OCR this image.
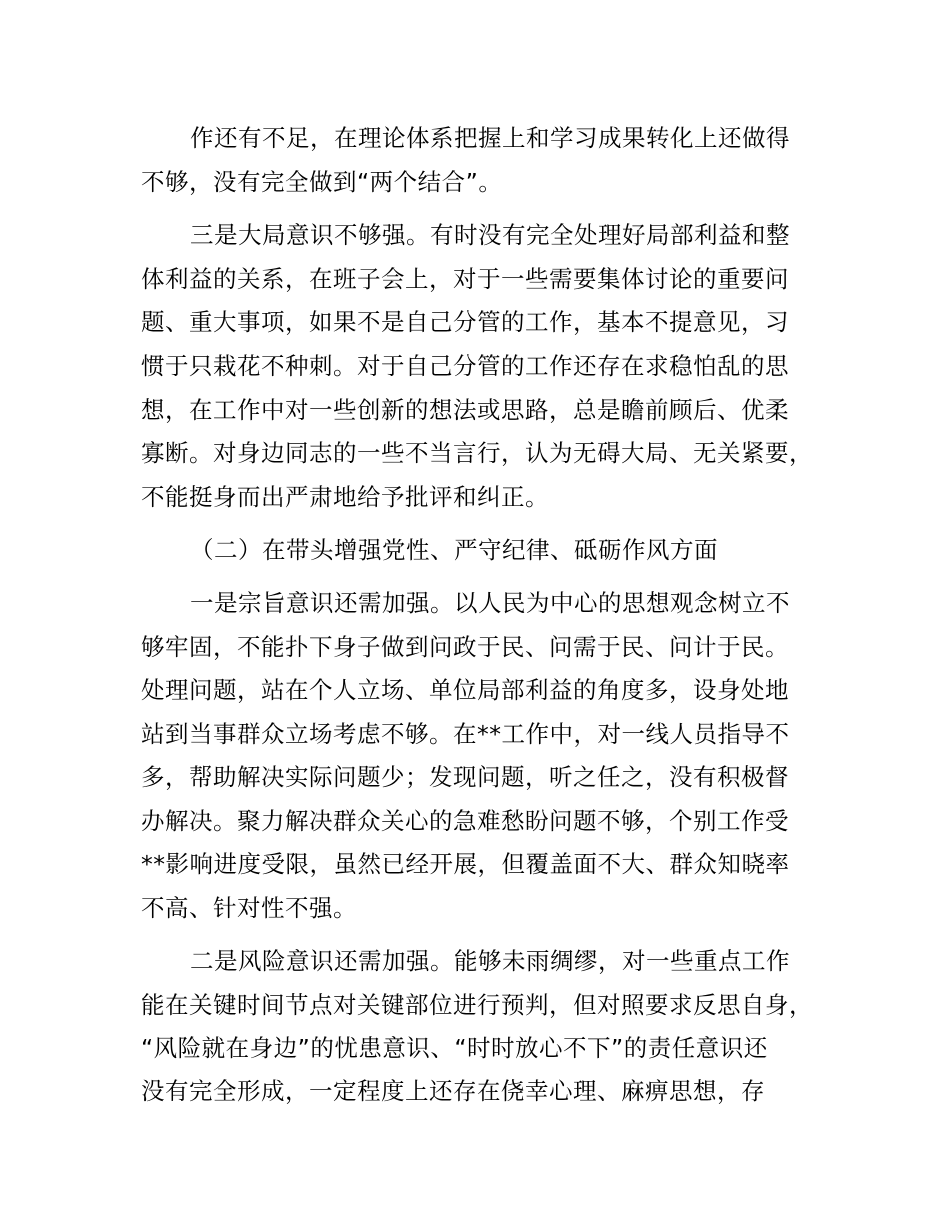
作还有不足，在理论体系把握上和学习成果转化上还做得
不够，没有完全做到“两个结合”。
三是大局意识不够强。有时没有完全处理好局部利益和整
体利益的关系，在班子会上，对于一些需要集体讨论的重要问
题、重大事项，如果不是自己分管的工作，基本不提意见，习
惯于只栽花不种刺。对于自己分管的工作还存在求稳怕乱的思
想，在工作中对一些创新的想法或思路，总是瞻前顾后、优柔
寡断。对身边同志的一些不当言行，认为无碍大局、无关紧要，
不能挺身而出严肃地给予批评和纠正。
（二）在带头增强党性、严守纪律、砥砺作风方面
一是宗旨意识还需加强。以人民为中心的思想观念树立不
够牢固，不能扑下身子做到问政于民、问需于民、问计于民。
处理问题，站在个人立场、单位局部利益的角度多，设身处地
站到当事群众立场考虑不够。在**工作中，对一线人员指导不
多，帮助解决实际问题少；发现问题，听之任之，没有积极督
办解决。聚力解决群众关心的急难愁盼问题不够，个别工作受
**影响进度受限，虽然已经开展，但覆盖面不大、群众知晓率
不高、针对性不强。
二是风险意识还需加强。能够未雨绸缪，对一些重点工作
能在关键时间节点对关键部位进行预判，但对照要求反思自身，
“风险就在身边”的忧患意识、“时时放心不下”的责任意识还
没有完全形成，一定程度上还存在侥幸心理、麻痹思想，存
